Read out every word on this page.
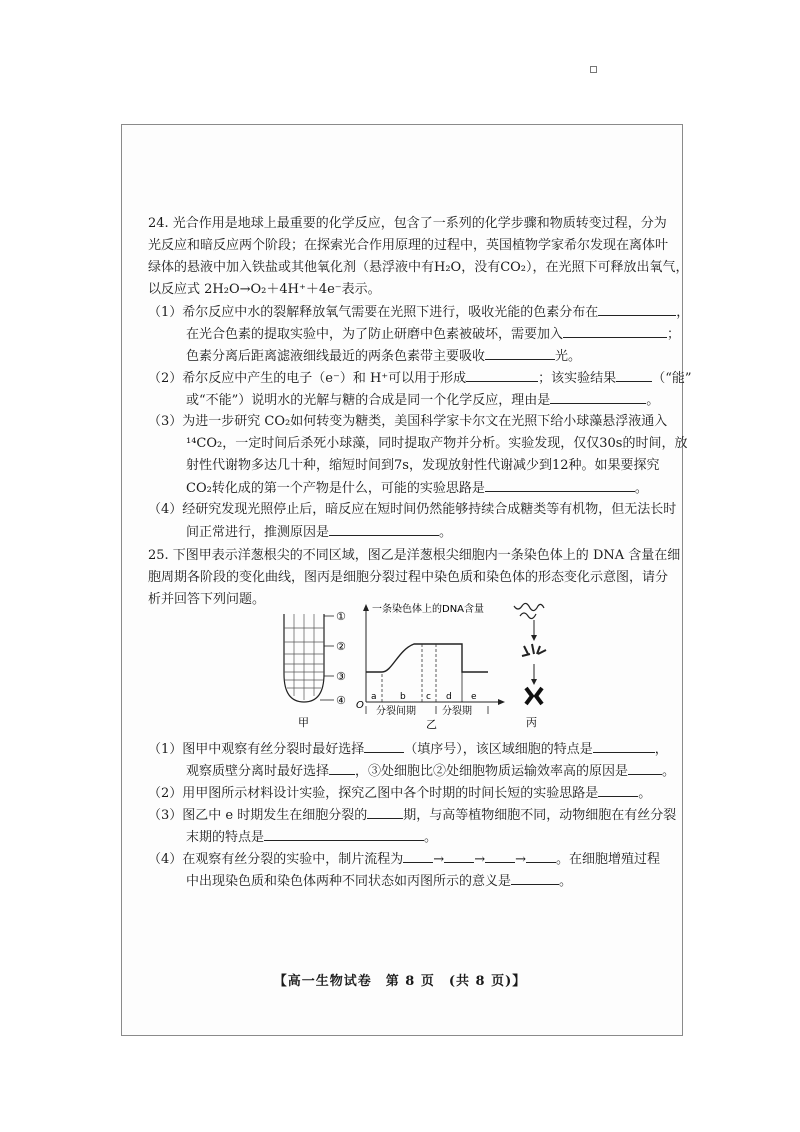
24. 光合作用是地球上最重要的化学反应，包含了一系列的化学步骤和物质转变过程，分为
光反应和暗反应两个阶段；在探索光合作用原理的过程中，英国植物学家希尔发现在离体叶
绿体的悬液中加入铁盐或其他氧化剂（悬浮液中有H₂O，没有CO₂），在光照下可释放出氧气，
以反应式 2H₂O→O₂＋4H⁺＋4e⁻表示。
（1）希尔反应中水的裂解释放氧气需要在光照下进行，吸收光能的色素分布在	，
在光合色素的提取实验中，为了防止研磨中色素被破坏，需要加入	；
色素分离后距离滤液细线最近的两条色素带主要吸收	光。
（2）希尔反应中产生的电子（e⁻）和 H⁺可以用于形成	；该实验结果	（“能”
或“不能”）说明水的光解与糖的合成是同一个化学反应，理由是	。
（3）为进一步研究 CO₂如何转变为糖类，美国科学家卡尔文在光照下给小球藻悬浮液通入
¹⁴CO₂，一定时间后杀死小球藻，同时提取产物并分析。实验发现，仅仅30s的时间，放
射性代谢物多达几十种，缩短时间到7s，发现放射性代谢减少到12种。如果要探究
CO₂转化成的第一个产物是什么，可能的实验思路是	。
（4）经研究发现光照停止后，暗反应在短时间仍然能够持续合成糖类等有机物，但无法长时
间正常进行，推测原因是	。
25. 下图甲表示洋葱根尖的不同区域，图乙是洋葱根尖细胞内一条染色体上的 DNA 含量在细
胞周期各阶段的变化曲线，图丙是细胞分裂过程中染色质和染色体的形态变化示意图，请分
析并回答下列问题。
①
②
③
④
甲
一条染色体上的DNA含量
O
a	b c d e
分裂间期	分裂期
乙	丙
（1）图甲中观察有丝分裂时最好选择	（填序号），该区域细胞的特点是	，
观察质壁分离时最好选择 ，③处细胞比②处细胞物质运输效率高的原因是	。
（2）用甲图所示材料设计实验，探究乙图中各个时期的时间长短的实验思路是	。
（3）图乙中 e 时期发生在细胞分裂的	期，与高等植物细胞不同，动物细胞在有丝分裂
末期的特点是	。
（4）在观察有丝分裂的实验中，制片流程为 → → → 。在细胞增殖过程
中出现染色质和染色体两种不同状态如丙图所示的意义是	。
【高一生物试卷　第 8 页　(共 8 页)】
